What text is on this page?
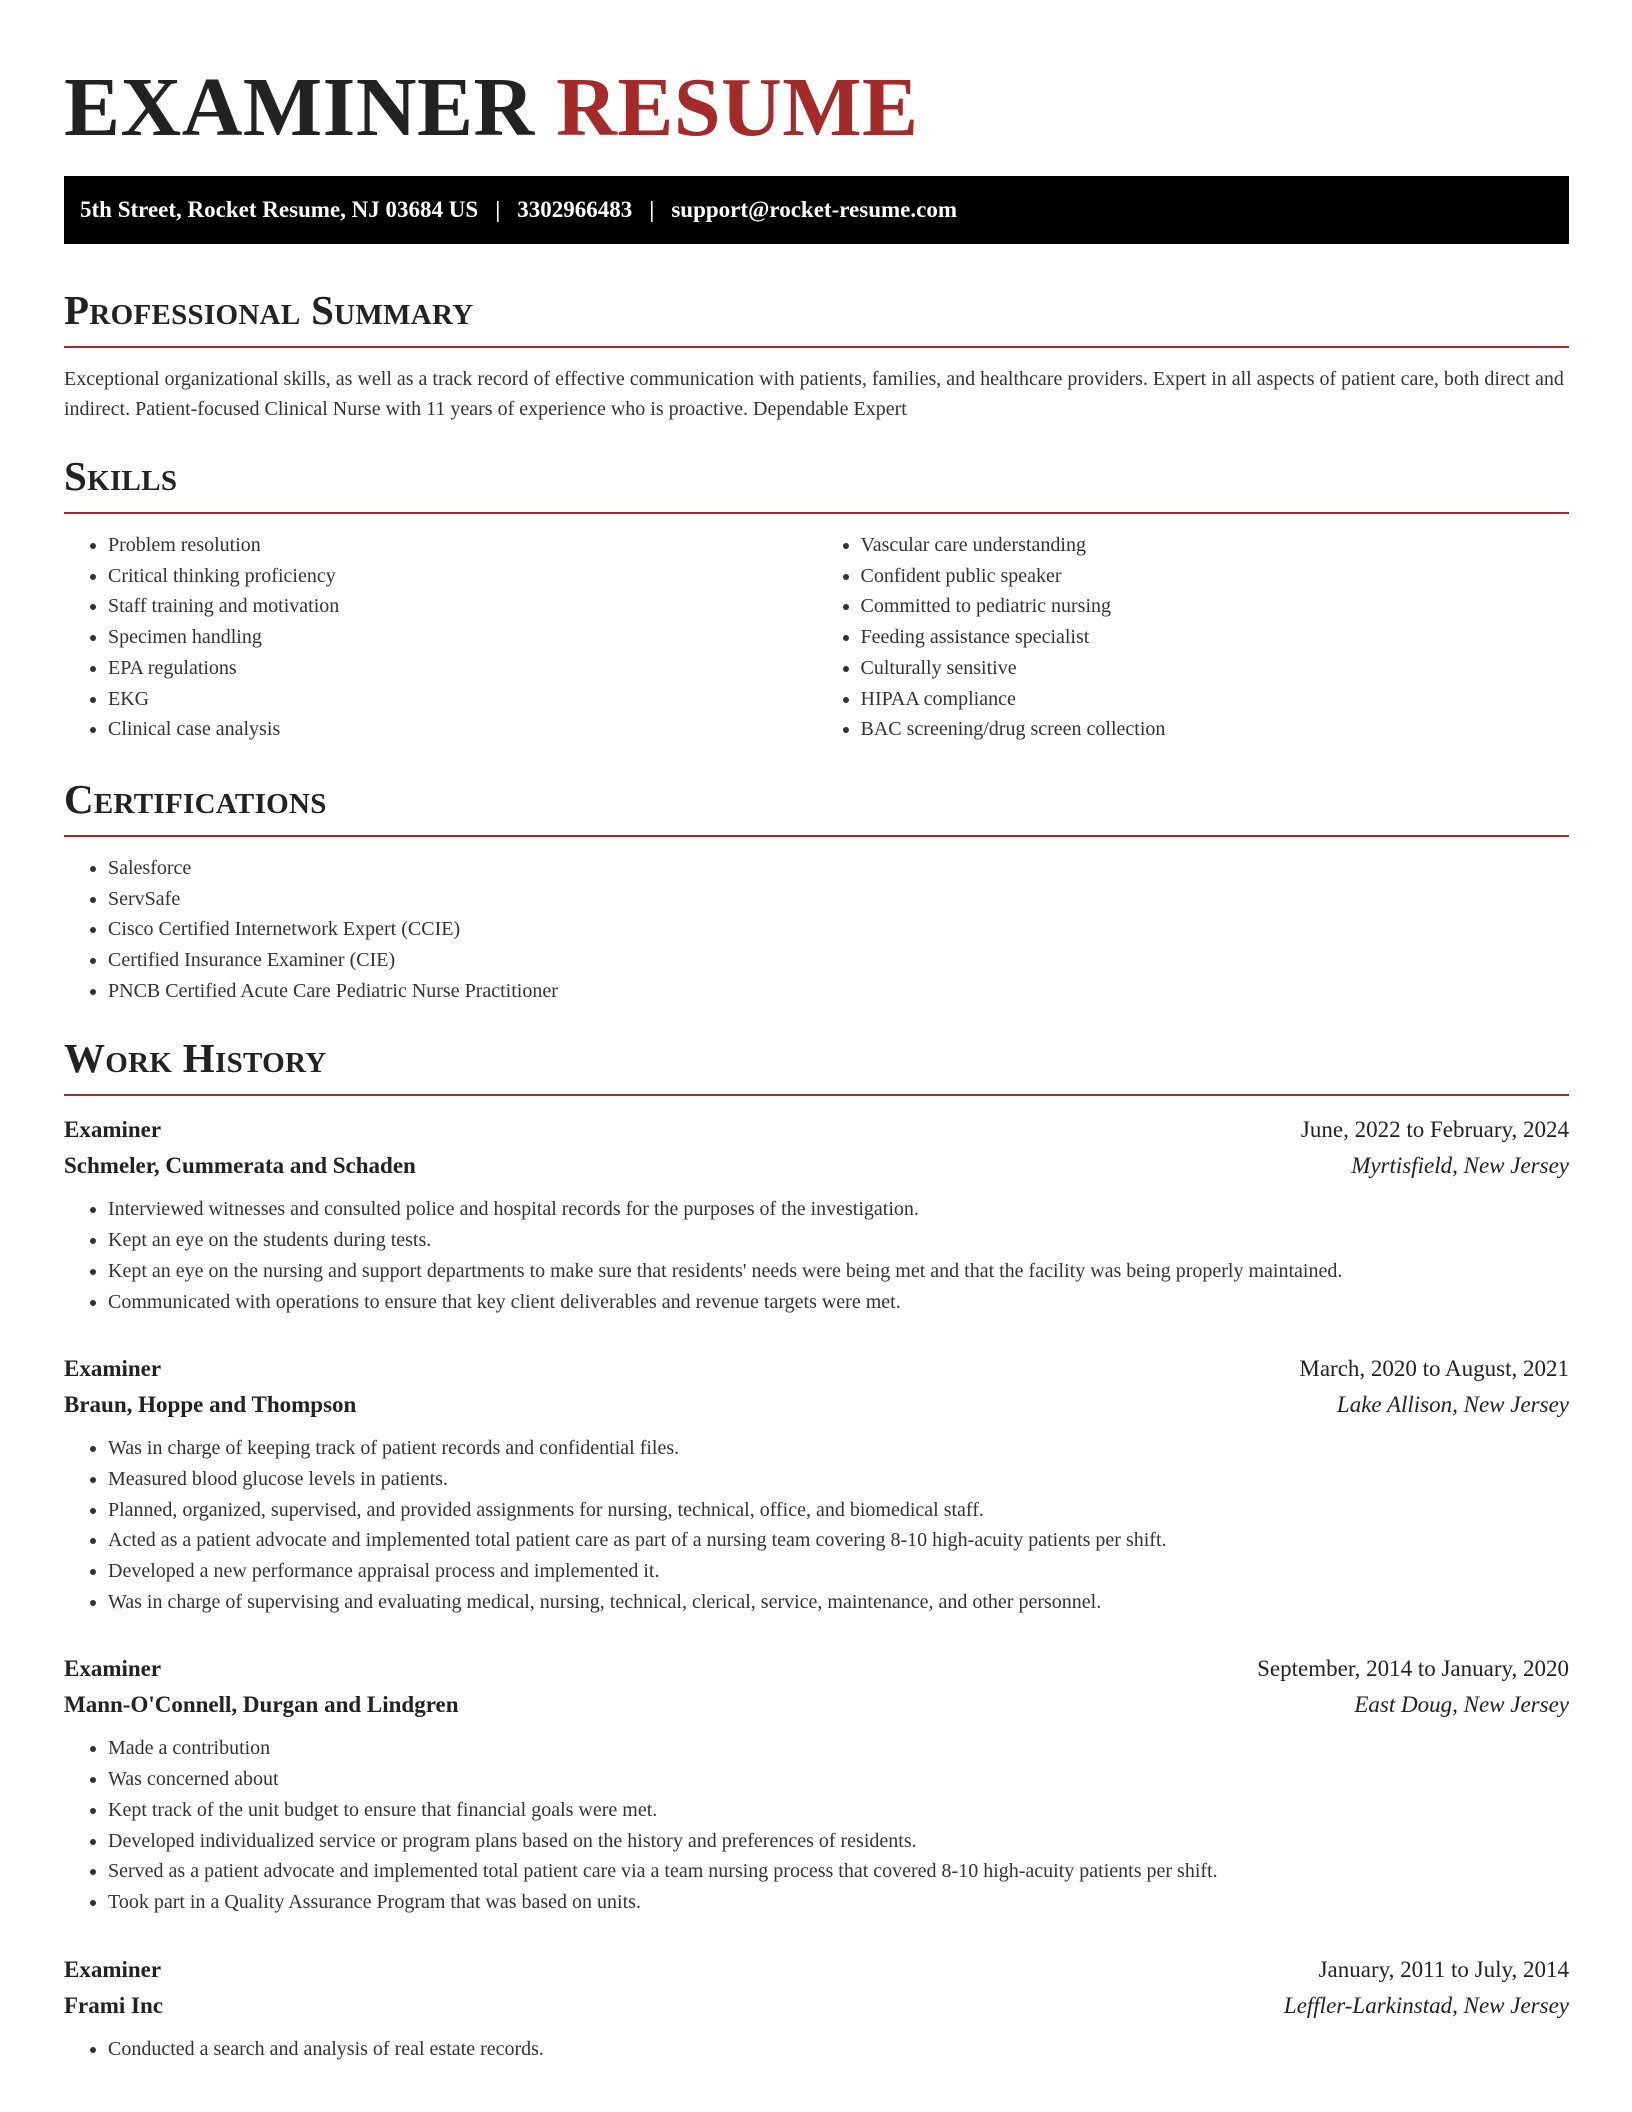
EXAMINER RESUME
5th Street, Rocket Resume, NJ 03684 US | 3302966483 | support@rocket-resume.com
Professional Summary

Exceptional organizational skills, as well as a track record of effective communication with patients, families, and healthcare providers. Expert in all aspects of patient care, both direct and indirect. Patient-focused Clinical Nurse with 11 years of experience who is proactive. Dependable Expert

Skills
• Problem resolution
• Critical thinking proficiency
• Staff training and motivation
• Specimen handling
• EPA regulations
• EKG
• Clinical case analysis
• Vascular care understanding
• Confident public speaker
• Committed to pediatric nursing
• Feeding assistance specialist
• Culturally sensitive
• HIPAA compliance
• BAC screening/drug screen collection
Certifications
• Salesforce
• ServSafe
• Cisco Certified Internetwork Expert (CCIE)
• Certified Insurance Examiner (CIE)
• PNCB Certified Acute Care Pediatric Nurse Practitioner
Work History
Examiner	June, 2022 to February, 2024
Schmeler, Cummerata and Schaden	Myrtisfield, New Jersey
• Interviewed witnesses and consulted police and hospital records for the purposes of the investigation.
• Kept an eye on the students during tests.
• Kept an eye on the nursing and support departments to make sure that residents' needs were being met and that the facility was being properly maintained.
• Communicated with operations to ensure that key client deliverables and revenue targets were met.
Examiner	March, 2020 to August, 2021
Braun, Hoppe and Thompson	Lake Allison, New Jersey
• Was in charge of keeping track of patient records and confidential files.
• Measured blood glucose levels in patients.
• Planned, organized, supervised, and provided assignments for nursing, technical, office, and biomedical staff.
• Acted as a patient advocate and implemented total patient care as part of a nursing team covering 8-10 high-acuity patients per shift.
• Developed a new performance appraisal process and implemented it.
• Was in charge of supervising and evaluating medical, nursing, technical, clerical, service, maintenance, and other personnel.
Examiner	September, 2014 to January, 2020
Mann-O'Connell, Durgan and Lindgren	East Doug, New Jersey
• Made a contribution
• Was concerned about
• Kept track of the unit budget to ensure that financial goals were met.
• Developed individualized service or program plans based on the history and preferences of residents.
• Served as a patient advocate and implemented total patient care via a team nursing process that covered 8-10 high-acuity patients per shift.
• Took part in a Quality Assurance Program that was based on units.
Examiner	January, 2011 to July, 2014
Frami Inc	Leffler-Larkinstad, New Jersey
• Conducted a search and analysis of real estate records.
